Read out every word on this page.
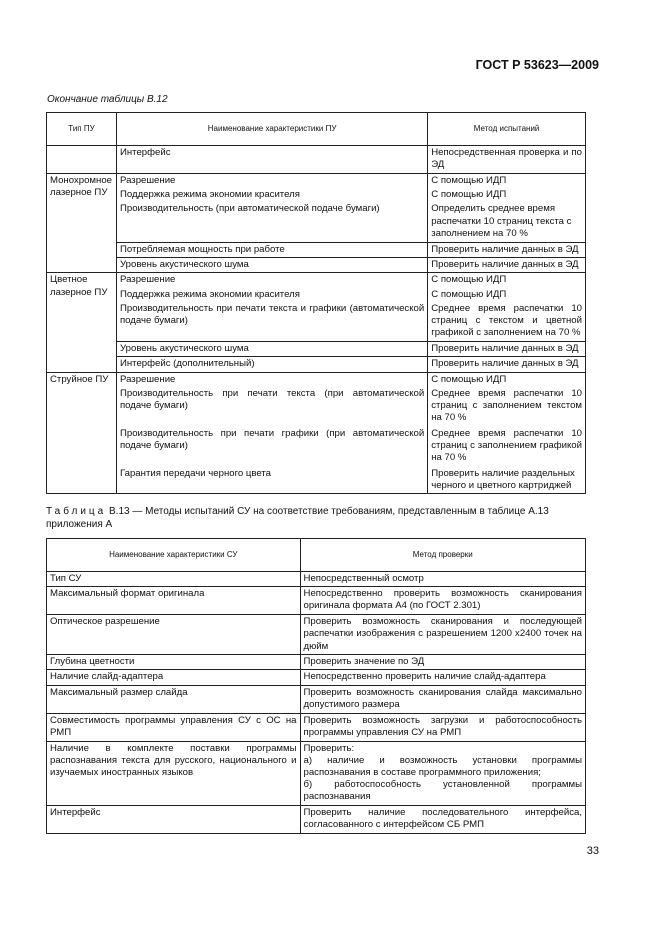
ГОСТ Р 53623—2009
Окончание таблицы В.12
Тип ПУ	Наименование характеристики ПУ	Метод испытаний
	Интерфейс	Непосредственная проверка и по ЭД
Монохромное лазерное ПУ	Разрешение	С помощью ИДП
	Поддержка режима экономии красителя	С помощью ИДП
	Производительность (при автоматической подаче бумаги)	Определить среднее время распечатки 10 страниц текста с заполнением на 70 %
	Потребляемая мощность при работе	Проверить наличие данных в ЭД
	Уровень акустического шума	Проверить наличие данных в ЭД
Цветное лазерное ПУ	Разрешение	С помощью ИДП
	Поддержка режима экономии красителя	С помощью ИДП
	Производительность при печати текста и графики (автоматической подаче бумаги)	Среднее время распечатки 10 страниц с текстом и цветной графикой с заполнением на 70 %
	Уровень акустического шума	Проверить наличие данных в ЭД
	Интерфейс (дополнительный)	Проверить наличие данных в ЭД
Струйное ПУ	Разрешение	С помощью ИДП
	Производительность при печати текста (при автоматической подаче бумаги)	Среднее время распечатки 10 страниц с заполнением текстом на 70 %
	Производительность при печати графики (при автоматической подаче бумаги)	Среднее время распечатки 10 страниц с заполнением графикой на 70 %
	Гарантия передачи черного цвета	Проверить наличие раздельных черного и цветного картриджей
Таблица В.13 — Методы испытаний СУ на соответствие требованиям, представленным в таблице А.13 приложения А
Наименование характеристики СУ	Метод проверки
Тип СУ	Непосредственный осмотр
Максимальный формат оригинала	Непосредственно проверить возможность сканирования оригинала формата А4 (по ГОСТ 2.301)
Оптическое разрешение	Проверить возможность сканирования и последующей распечатки изображения с разрешением 1200 х2400 точек на дюйм
Глубина цветности	Проверить значение по ЭД
Наличие слайд-адаптера	Непосредственно проверить наличие слайд-адаптера
Максимальный размер слайда	Проверить возможность сканирования слайда максимально допустимого размера
Совместимость программы управления СУ с ОС на РМП	Проверить возможность загрузки и работоспособность программы управления СУ на РМП
Наличие в комплекте поставки программы распознавания текста для русского, национального и изучаемых иностранных языков	Проверить:
а) наличие и возможность установки программы распознавания в составе программного приложения;
б) работоспособность установленной программы распознавания

Интерфейс	Проверить наличие последовательного интерфейса, согласованного с интерфейсом СБ РМП
33
